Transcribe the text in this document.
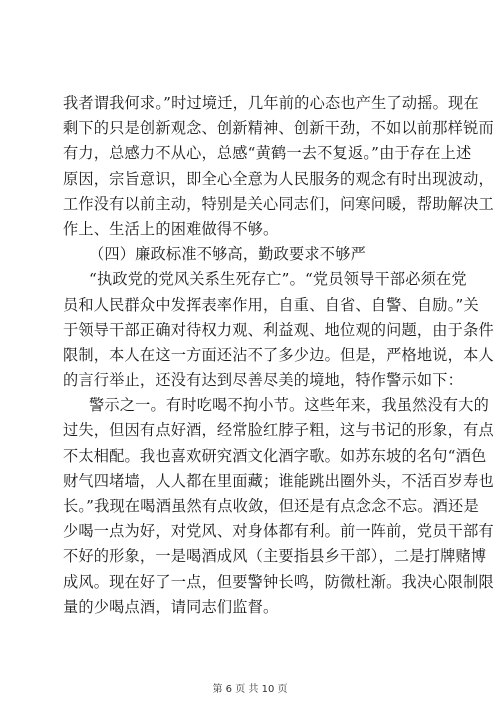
我者谓我何求。”时过境迁，几年前的心态也产生了动摇。现在
剩下的只是创新观念、创新精神、创新干劲，不如以前那样锐而
有力，总感力不从心，总感“黄鹤一去不复返。”由于存在上述
原因，宗旨意识，即全心全意为人民服务的观念有时出现波动，
工作没有以前主动，特别是关心同志们，问寒问暖，帮助解决工
作上、生活上的困难做得不够。
（四）廉政标准不够高，勤政要求不够严
“执政党的党风关系生死存亡”。“党员领导干部必须在党
员和人民群众中发挥表率作用，自重、自省、自警、自励。”关
于领导干部正确对待权力观、利益观、地位观的问题，由于条件
限制，本人在这一方面还沾不了多少边。但是，严格地说，本人
的言行举止，还没有达到尽善尽美的境地，特作警示如下：
警示之一。有时吃喝不拘小节。这些年来，我虽然没有大的
过失，但因有点好酒，经常脸红脖子粗，这与书记的形象，有点
不太相配。我也喜欢研究酒文化酒字歌。如苏东坡的名句“酒色
财气四堵墙，人人都在里面藏；谁能跳出圈外头，不活百岁寿也
长。”我现在喝酒虽然有点收敛，但还是有点念念不忘。酒还是
少喝一点为好，对党风、对身体都有利。前一阵前，党员干部有
不好的形象，一是喝酒成风（主要指县乡干部），二是打牌赌博
成风。现在好了一点，但要警钟长鸣，防微杜渐。我决心限制限
量的少喝点酒，请同志们监督。
第 6 页 共 10 页
